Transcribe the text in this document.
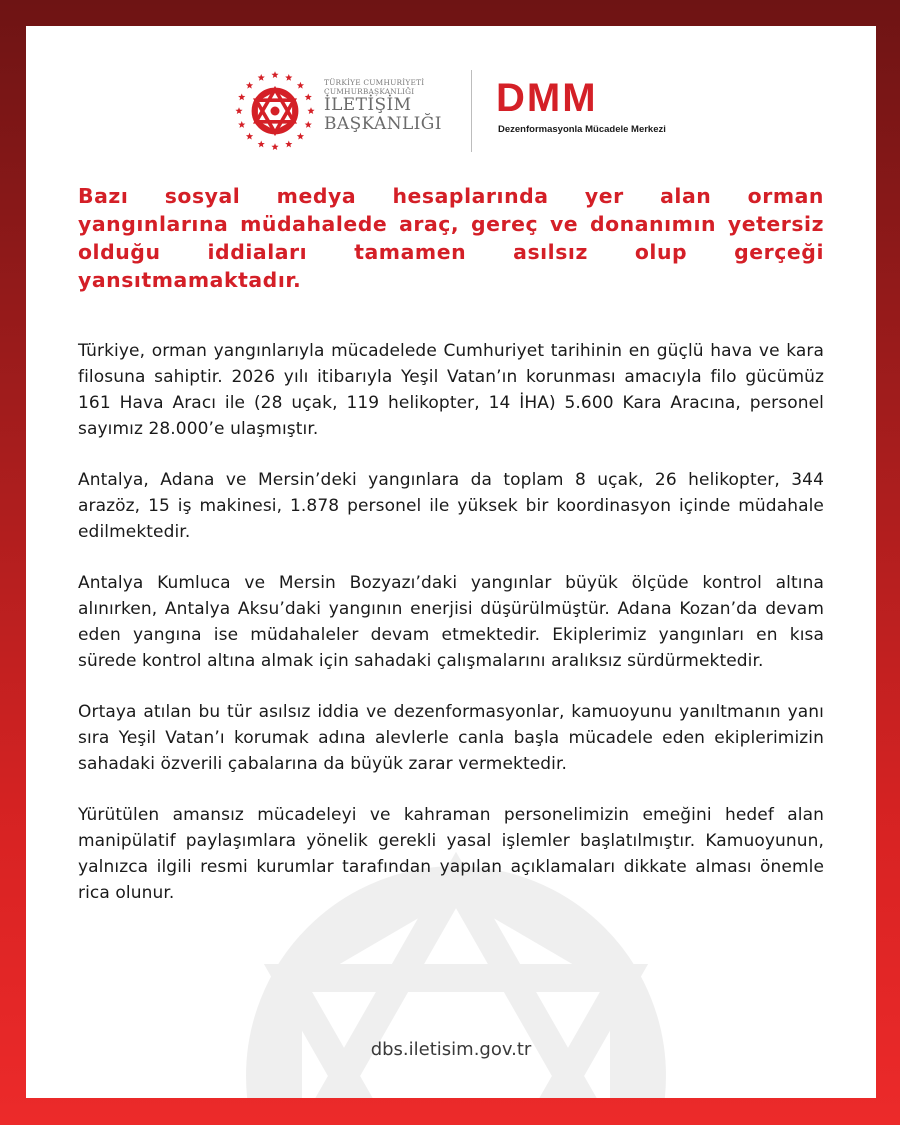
TÜRKİYE CUMHURİYETİ
CUMHURBAŞKANLIĞI
İLETİŞİM
BAŞKANLIĞI
DMM
Dezenformasyonla Mücadele Merkezi

Bazı sosyal medya hesaplarında yer alan orman yangınlarına müdahalede araç, gereç ve donanımın yetersiz olduğu iddiaları tamamen asılsız olup gerçeği yansıtmamaktadır.

Türkiye, orman yangınlarıyla mücadelede Cumhuriyet tarihinin en güçlü hava ve kara filosuna sahiptir. 2026 yılı itibarıyla Yeşil Vatan’ın korunması amacıyla filo gücümüz 161 Hava Aracı ile (28 uçak, 119 helikopter, 14 İHA) 5.600 Kara Aracına, personel sayımız 28.000’e ulaşmıştır.

Antalya, Adana ve Mersin’deki yangınlara da toplam 8 uçak, 26 helikopter, 344 arazöz, 15 iş makinesi, 1.878 personel ile yüksek bir koordinasyon içinde müdahale edilmektedir.

Antalya Kumluca ve Mersin Bozyazı’daki yangınlar büyük ölçüde kontrol altına alınırken, Antalya Aksu’daki yangının enerjisi düşürülmüştür. Adana Kozan’da devam eden yangına ise müdahaleler devam etmektedir. Ekiplerimiz yangınları en kısa sürede kontrol altına almak için sahadaki çalışmalarını aralıksız sürdürmektedir.

Ortaya atılan bu tür asılsız iddia ve dezenformasyonlar, kamuoyunu yanıltmanın yanı sıra Yeşil Vatan’ı korumak adına alevlerle canla başla mücadele eden ekiplerimizin sahadaki özverili çabalarına da büyük zarar vermektedir.

Yürütülen amansız mücadeleyi ve kahraman personelimizin emeğini hedef alan manipülatif paylaşımlara yönelik gerekli yasal işlemler başlatılmıştır. Kamuoyunun, yalnızca ilgili resmi kurumlar tarafından yapılan açıklamaları dikkate alması önemle rica olunur.

dbs.iletisim.gov.tr
